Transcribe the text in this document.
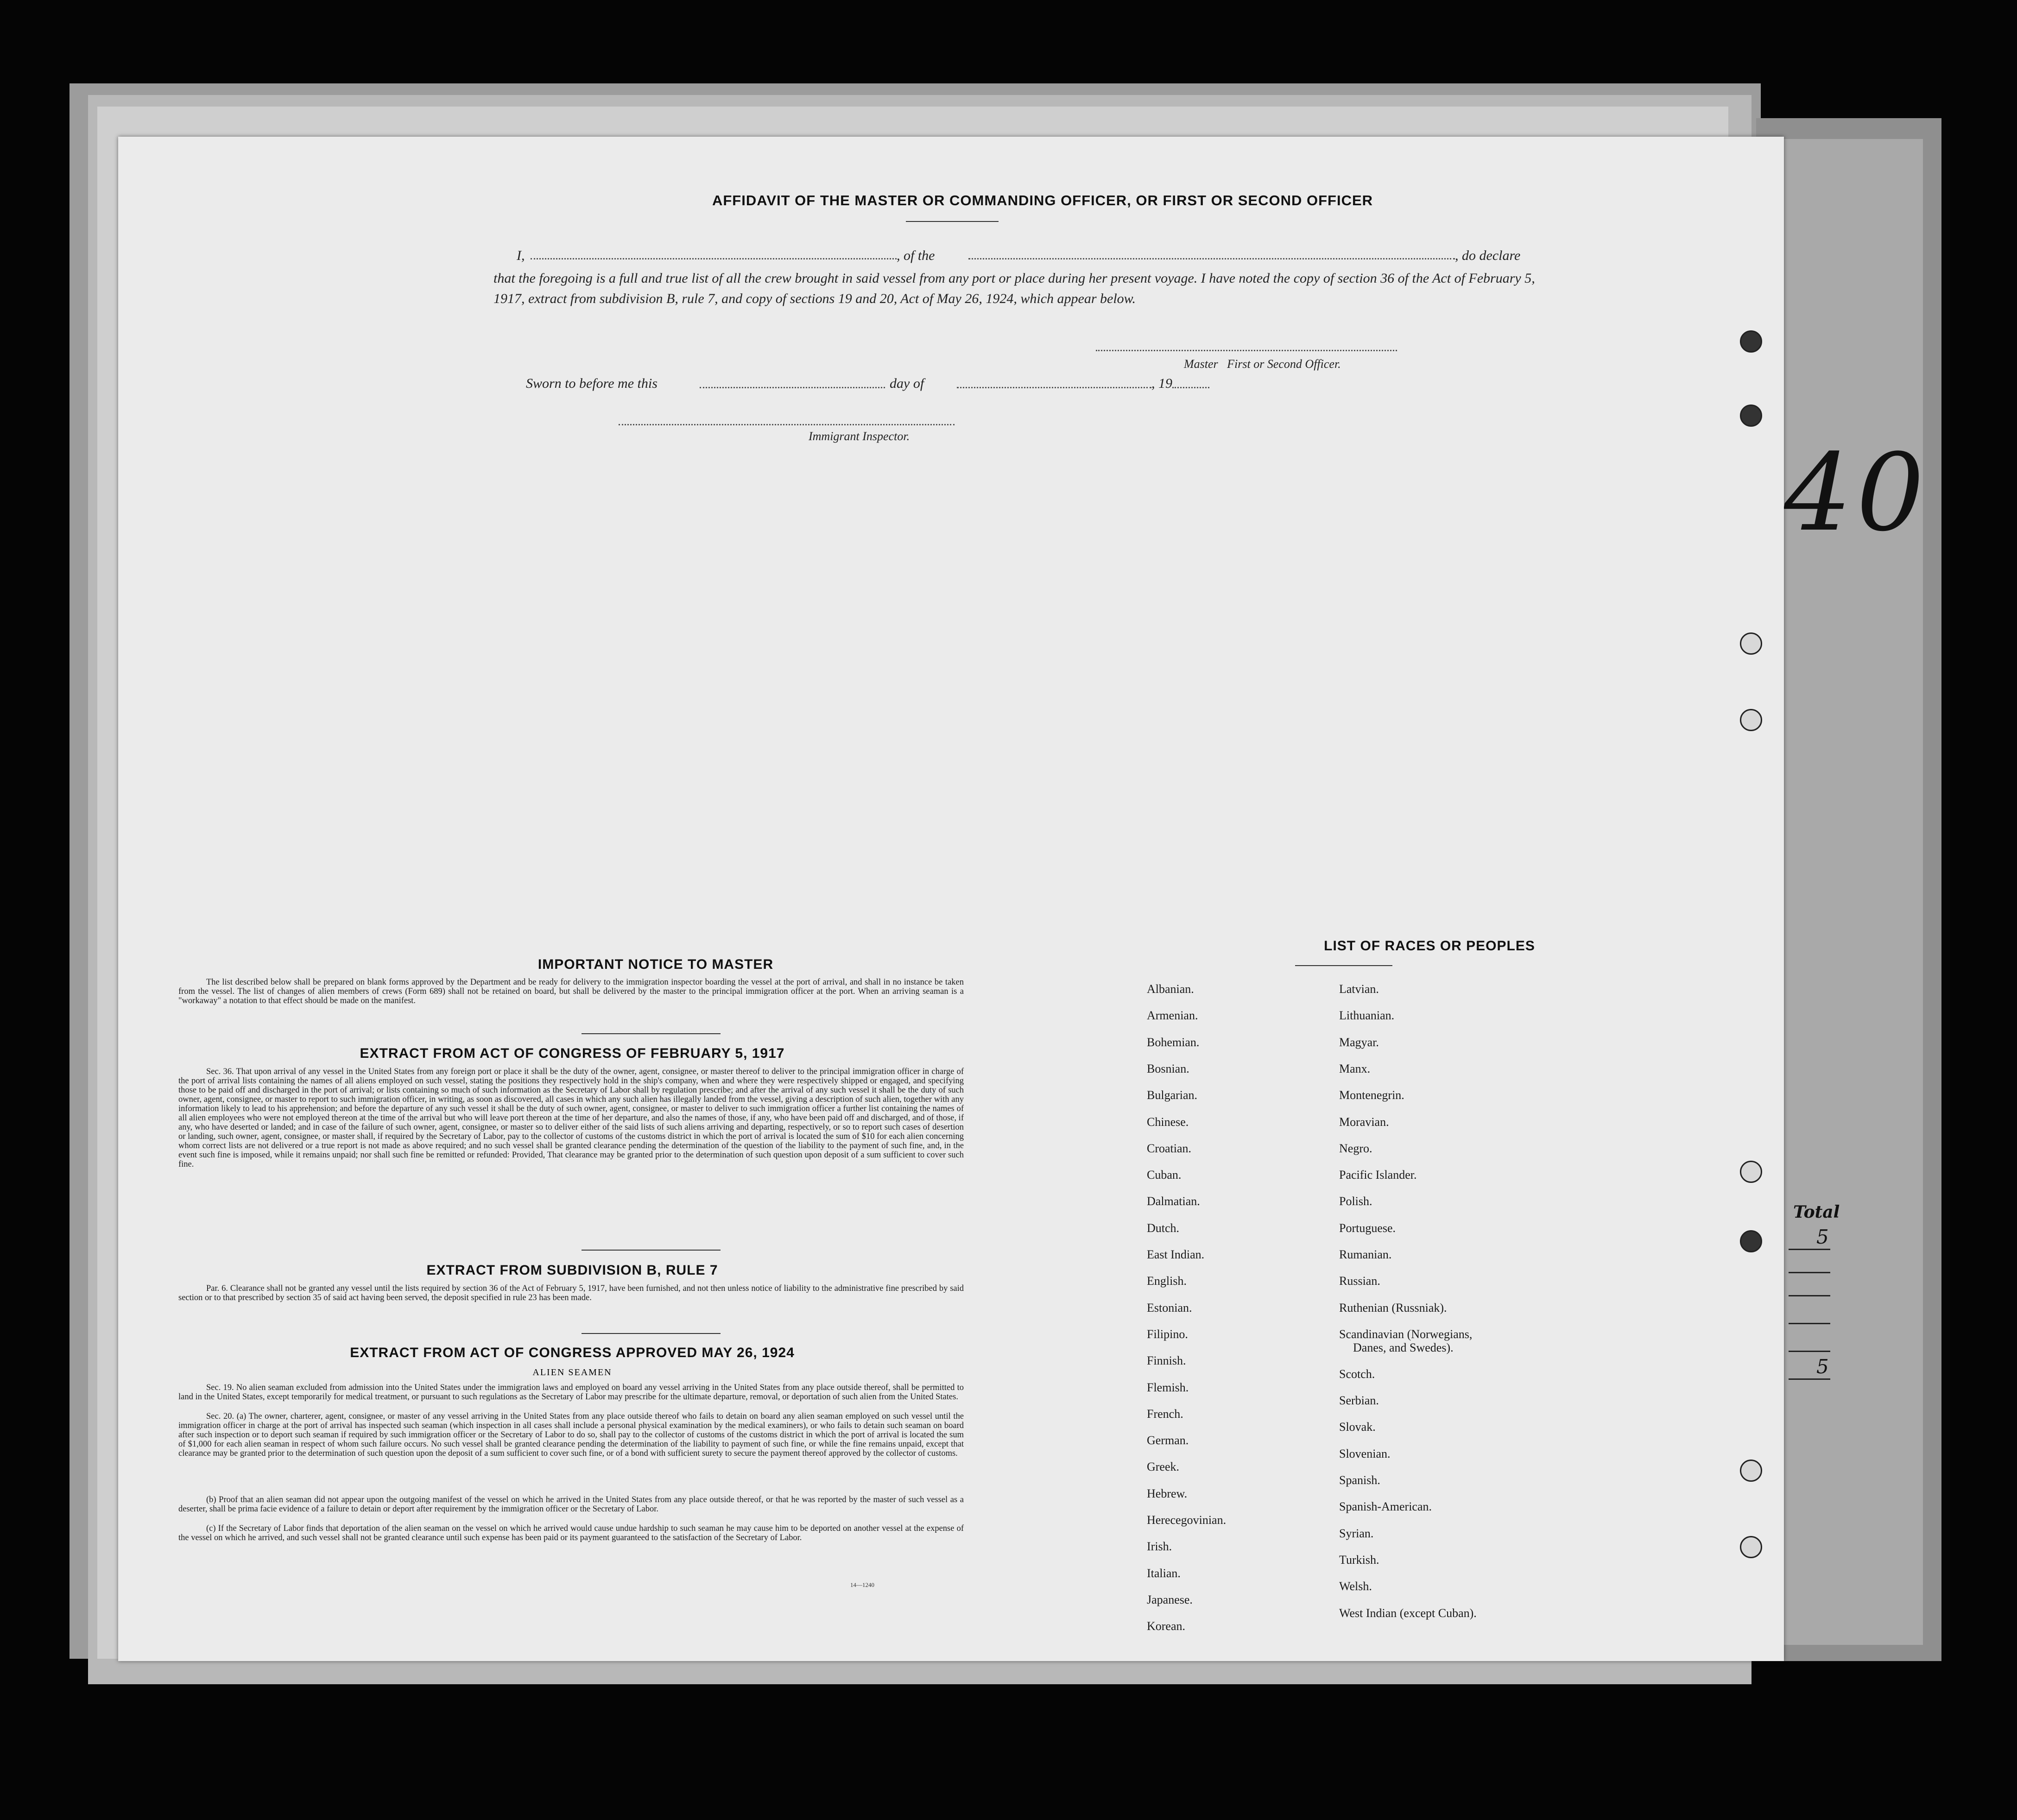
40
Total
5
5
AFFIDAVIT OF THE MASTER OR COMMANDING OFFICER, OR FIRST OR SECOND OFFICER
I,	, of the	, do declare
that the foregoing is a full and true list of all the crew brought in said vessel from any port or place during her present voyage. I have noted the copy of section 36 of the Act of February 5, 1917, extract from subdivision B, rule 7, and copy of sections 19 and 20, Act of May 26, 1924, which appear below.
Master   First or Second Officer.
Sworn to before me this	day of	, 19
Immigrant Inspector.
IMPORTANT NOTICE TO MASTER
The list described below shall be prepared on blank forms approved by the Department and be ready for delivery to the immigration inspector boarding the vessel at the port of arrival, and shall in no instance be taken from the vessel. The list of changes of alien members of crews (Form 689) shall not be retained on board, but shall be delivered by the master to the principal immigration officer at the port. When an arriving seaman is a "workaway" a notation to that effect should be made on the manifest.
EXTRACT FROM ACT OF CONGRESS OF FEBRUARY 5, 1917
Sec. 36. That upon arrival of any vessel in the United States from any foreign port or place it shall be the duty of the owner, agent, consignee, or master thereof to deliver to the principal immigration officer in charge of the port of arrival lists containing the names of all aliens employed on such vessel, stating the positions they respectively hold in the ship's company, when and where they were respectively shipped or engaged, and specifying those to be paid off and discharged in the port of arrival; or lists containing so much of such information as the Secretary of Labor shall by regulation prescribe; and after the arrival of any such vessel it shall be the duty of such owner, agent, consignee, or master to report to such immigration officer, in writing, as soon as discovered, all cases in which any such alien has illegally landed from the vessel, giving a description of such alien, together with any information likely to lead to his apprehension; and before the departure of any such vessel it shall be the duty of such owner, agent, consignee, or master to deliver to such immigration officer a further list containing the names of all alien employees who were not employed thereon at the time of the arrival but who will leave port thereon at the time of her departure, and also the names of those, if any, who have been paid off and discharged, and of those, if any, who have deserted or landed; and in case of the failure of such owner, agent, consignee, or master so to deliver either of the said lists of such aliens arriving and departing, respectively, or so to report such cases of desertion or landing, such owner, agent, consignee, or master shall, if required by the Secretary of Labor, pay to the collector of customs of the customs district in which the port of arrival is located the sum of $10 for each alien concerning whom correct lists are not delivered or a true report is not made as above required; and no such vessel shall be granted clearance pending the determination of the question of the liability to the payment of such fine, and, in the event such fine is imposed, while it remains unpaid; nor shall such fine be remitted or refunded: Provided, That clearance may be granted prior to the determination of such question upon deposit of a sum sufficient to cover such fine.
EXTRACT FROM SUBDIVISION B, RULE 7
Par. 6. Clearance shall not be granted any vessel until the lists required by section 36 of the Act of February 5, 1917, have been furnished, and not then unless notice of liability to the administrative fine prescribed by said section or to that prescribed by section 35 of said act having been served, the deposit specified in rule 23 has been made.
EXTRACT FROM ACT OF CONGRESS APPROVED MAY 26, 1924
ALIEN SEAMEN
Sec. 19. No alien seaman excluded from admission into the United States under the immigration laws and employed on board any vessel arriving in the United States from any place outside thereof, shall be permitted to land in the United States, except temporarily for medical treatment, or pursuant to such regulations as the Secretary of Labor may prescribe for the ultimate departure, removal, or deportation of such alien from the United States.
Sec. 20. (a) The owner, charterer, agent, consignee, or master of any vessel arriving in the United States from any place outside thereof who fails to detain on board any alien seaman employed on such vessel until the immigration officer in charge at the port of arrival has inspected such seaman (which inspection in all cases shall include a personal physical examination by the medical examiners), or who fails to detain such seaman on board after such inspection or to deport such seaman if required by such immigration officer or the Secretary of Labor to do so, shall pay to the collector of customs of the customs district in which the port of arrival is located the sum of $1,000 for each alien seaman in respect of whom such failure occurs. No such vessel shall be granted clearance pending the determination of the liability to payment of such fine, or while the fine remains unpaid, except that clearance may be granted prior to the determination of such question upon the deposit of a sum sufficient to cover such fine, or of a bond with sufficient surety to secure the payment thereof approved by the collector of customs.
(b) Proof that an alien seaman did not appear upon the outgoing manifest of the vessel on which he arrived in the United States from any place outside thereof, or that he was reported by the master of such vessel as a deserter, shall be prima facie evidence of a failure to detain or deport after requirement by the immigration officer or the Secretary of Labor.
(c) If the Secretary of Labor finds that deportation of the alien seaman on the vessel on which he arrived would cause undue hardship to such seaman he may cause him to be deported on another vessel at the expense of the vessel on which he arrived, and such vessel shall not be granted clearance until such expense has been paid or its payment guaranteed to the satisfaction of the Secretary of Labor.
14—1240
LIST OF RACES OR PEOPLES
Albanian.
Armenian.
Bohemian.
Bosnian.
Bulgarian.
Chinese.
Croatian.
Cuban.
Dalmatian.
Dutch.
East Indian.
English.
Estonian.
Filipino.
Finnish.
Flemish.
French.
German.
Greek.
Hebrew.
Herecegovinian.
Irish.
Italian.
Japanese.
Korean.
Latvian.
Lithuanian.
Magyar.
Manx.
Montenegrin.
Moravian.
Negro.
Pacific Islander.
Polish.
Portuguese.
Rumanian.
Russian.
Ruthenian (Russniak).
Scandinavian (Norwegians,
Danes, and Swedes).
Scotch.
Serbian.
Slovak.
Slovenian.
Spanish.
Spanish-American.
Syrian.
Turkish.
Welsh.
West Indian (except Cuban).
